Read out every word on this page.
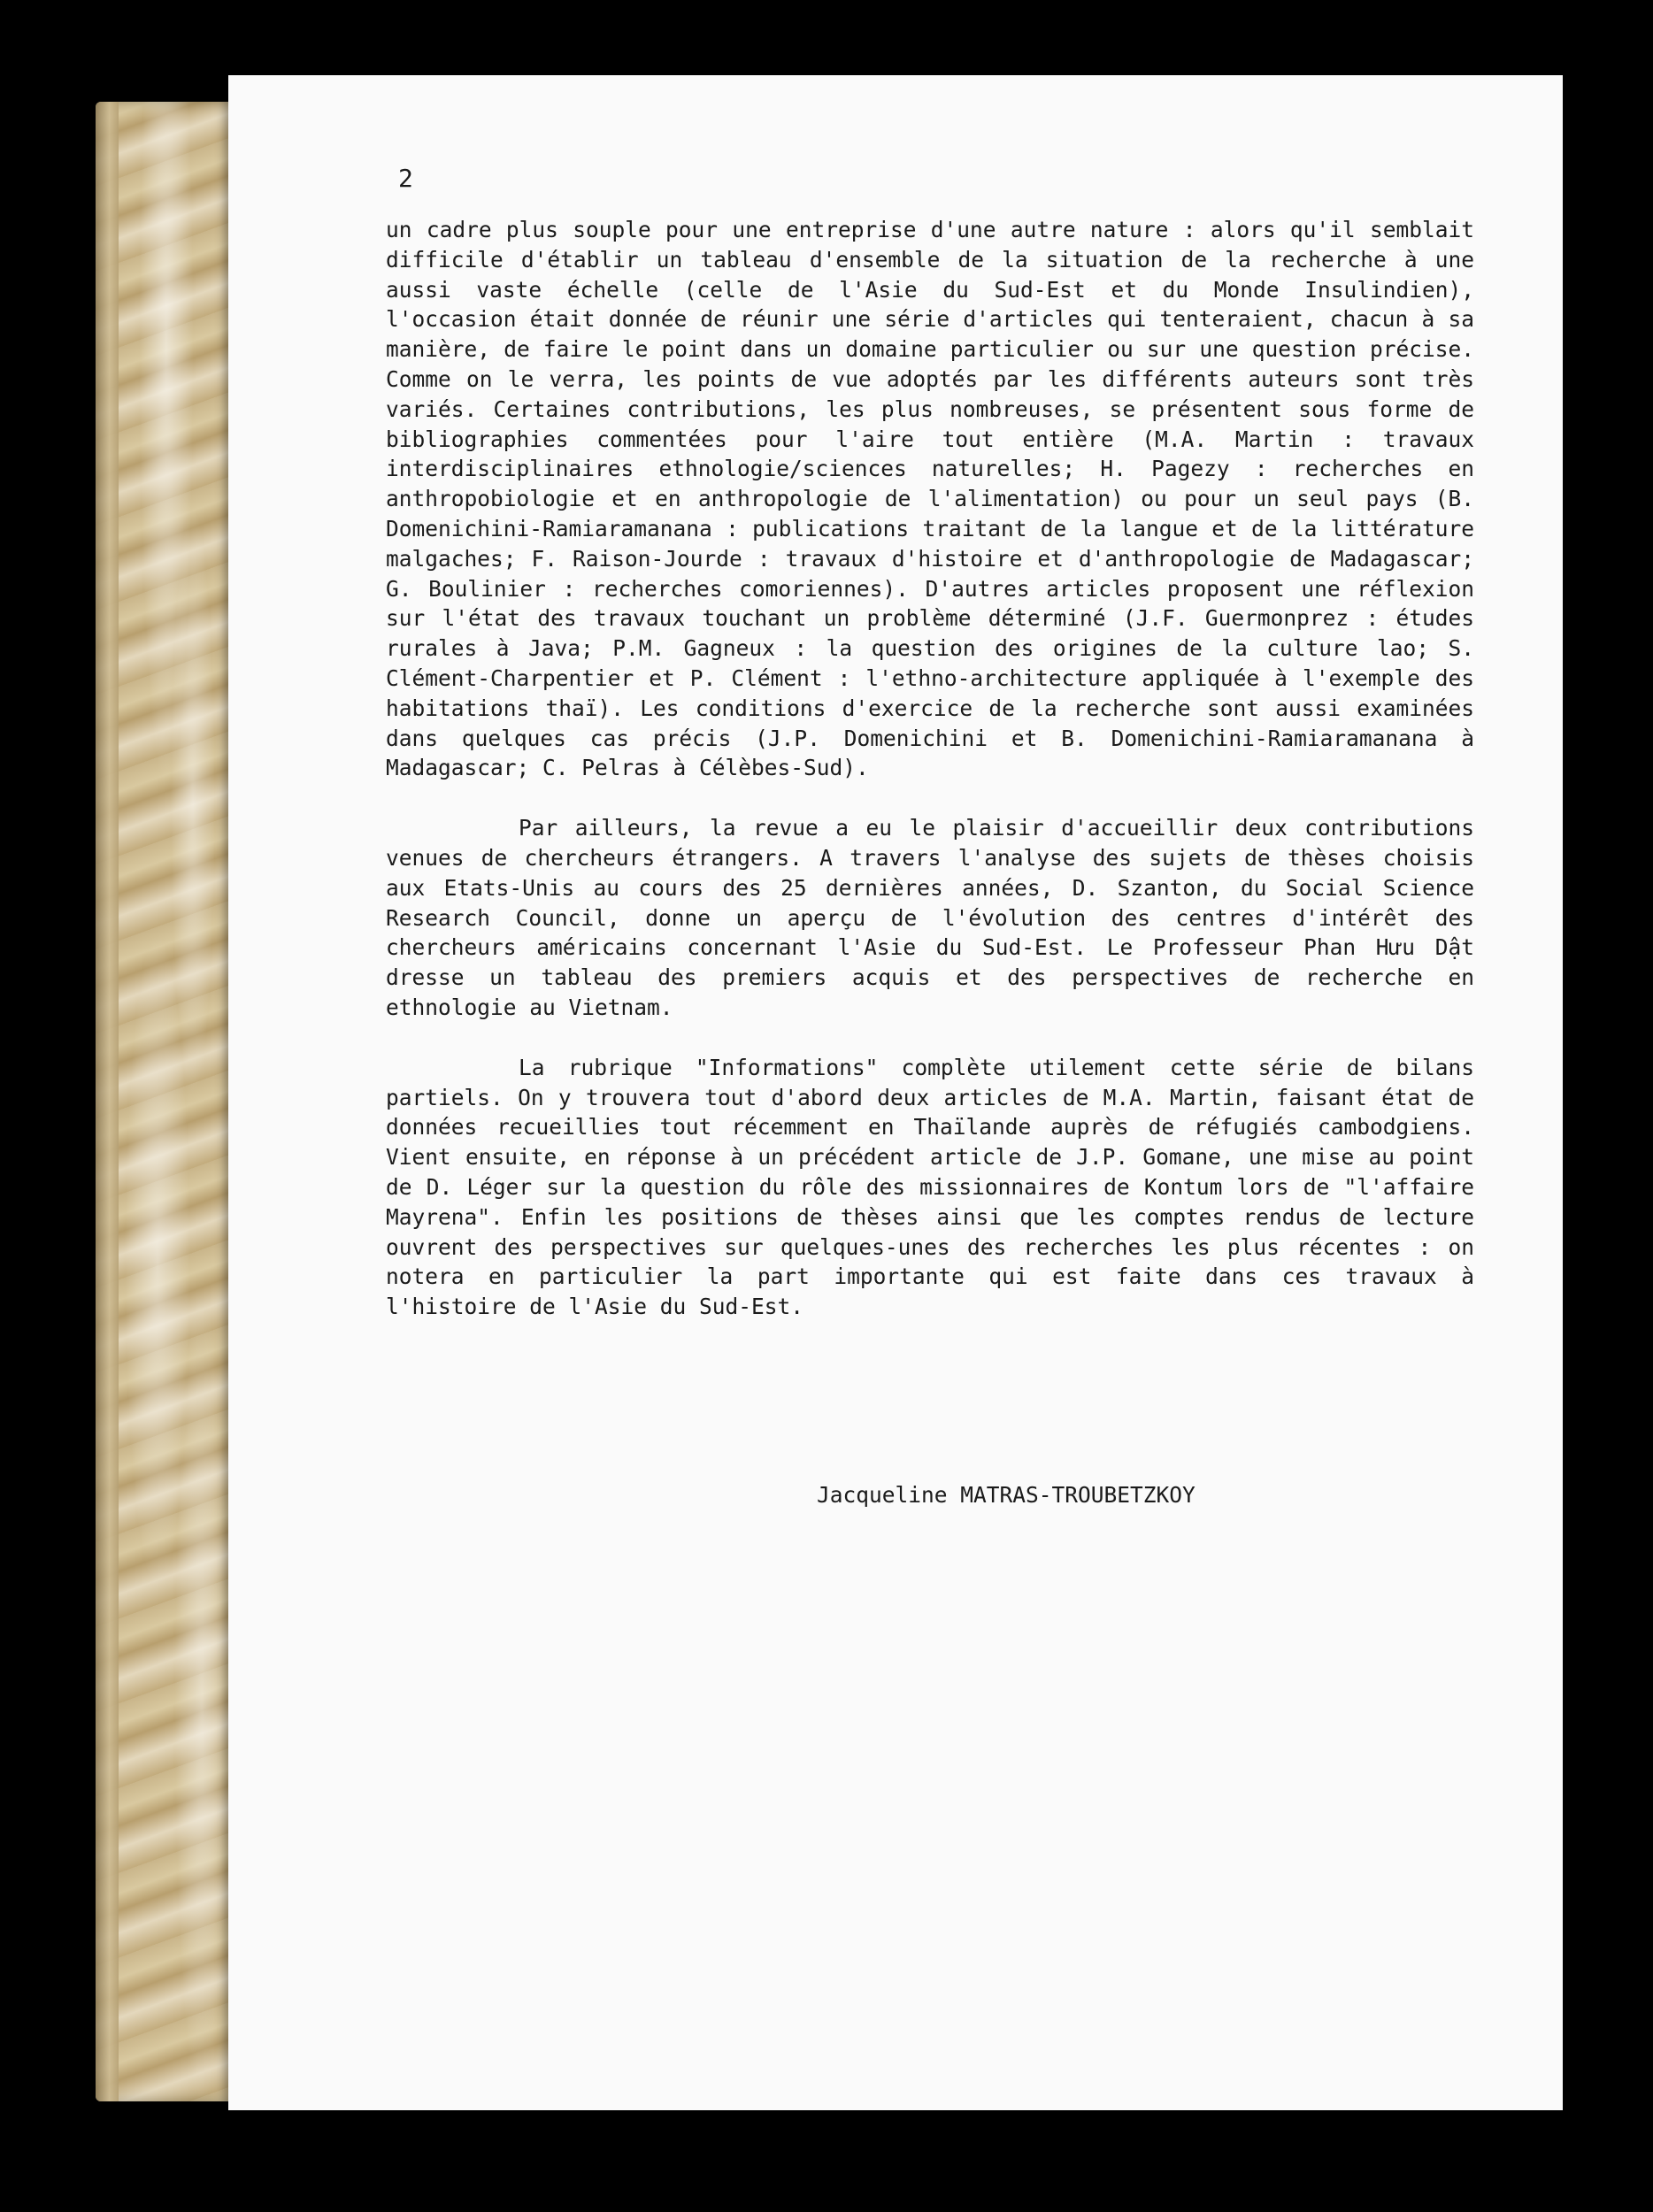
2

un cadre plus souple pour une entreprise d'une autre nature : alors qu'il semblait difficile d'établir un tableau d'ensemble de la situation de la recherche à une aussi vaste échelle (celle de l'Asie du Sud-Est et du Monde Insulindien), l'occasion était donnée de réunir une série d'articles qui tenteraient, chacun à sa manière, de faire le point dans un domaine particulier ou sur une question précise. Comme on le verra, les points de vue adoptés par les différents auteurs sont très variés. Certaines contributions, les plus nombreuses, se présentent sous forme de bibliographies commentées pour l'aire tout entière (M.A. Martin : travaux interdisciplinaires ethnologie/sciences naturelles; H. Pagezy : recherches en anthropobiologie et en anthropologie de l'alimentation) ou pour un seul pays (B. Domenichini-Ramiaramanana : publications traitant de la langue et de la littérature malgaches; F. Raison-Jourde : travaux d'histoire et d'anthropologie de Madagascar; G. Boulinier : recherches comoriennes). D'autres articles proposent une réflexion sur l'état des travaux touchant un problème déterminé (J.F. Guermonprez : études rurales à Java; P.M. Gagneux : la question des origines de la culture lao; S. Clément-Charpentier et P. Clément : l'ethno-architecture appliquée à l'exemple des habitations thaï). Les conditions d'exercice de la recherche sont aussi examinées dans quelques cas précis (J.P. Domenichini et B. Domenichini-Ramiaramanana à Madagascar; C. Pelras à Célèbes-Sud).

Par ailleurs, la revue a eu le plaisir d'accueillir deux contributions venues de chercheurs étrangers. A travers l'analyse des sujets de thèses choisis aux Etats-Unis au cours des 25 dernières années, D. Szanton, du Social Science Research Council, donne un aperçu de l'évolution des centres d'intérêt des chercheurs américains concernant l'Asie du Sud-Est. Le Professeur Phan Hưu Dật dresse un tableau des premiers acquis et des perspectives de recherche en ethnologie au Vietnam.

La rubrique "Informations" complète utilement cette série de bilans partiels. On y trouvera tout d'abord deux articles de M.A. Martin, faisant état de données recueillies tout récemment en Thaïlande auprès de réfugiés cambodgiens. Vient ensuite, en réponse à un précédent article de J.P. Gomane, une mise au point de D. Léger sur la question du rôle des missionnaires de Kontum lors de "l'affaire Mayrena". Enfin les positions de thèses ainsi que les comptes rendus de lecture ouvrent des perspectives sur quelques-unes des recherches les plus récentes : on notera en particulier la part importante qui est faite dans ces travaux à l'histoire de l'Asie du Sud-Est.

Jacqueline MATRAS-TROUBETZKOY
